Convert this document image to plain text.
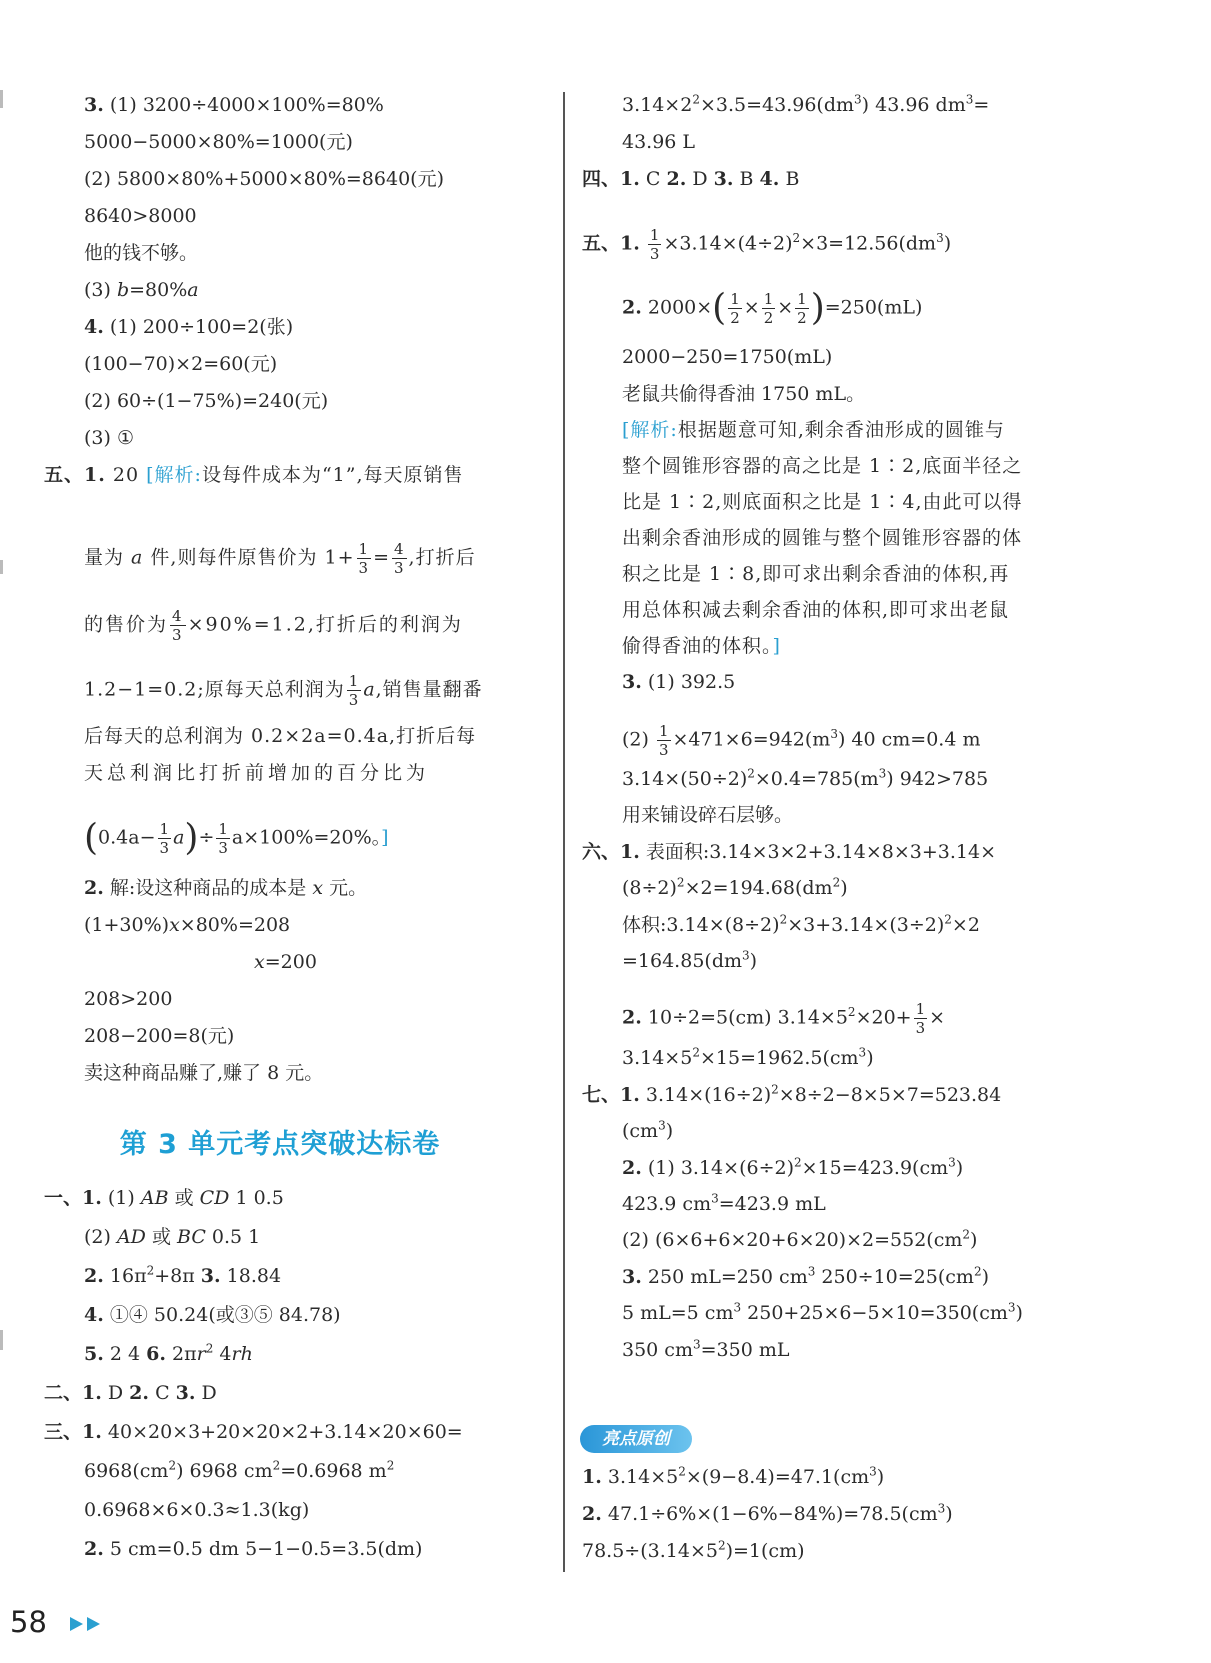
3. (1) 3200÷4000×100%=80%
5000−5000×80%=1000(元)
(2) 5800×80%+5000×80%=8640(元)
8640>8000
他的钱不够。
(3) b=80%a
4. (1) 200÷100=2(张)
(100−70)×2=60(元)
(2) 60÷(1−75%)=240(元)
(3) ①
五、1. 20 [解析:设每件成本为“1”,每天原销售
量为 a 件,则每件原售价为 $1+ \frac{1}{3} = \frac{4}{3}$ ,打折后
的售价为 $\frac{4}{3} \times 90\%=1.2$,打折后的利润为
1.2−1=0.2;原每天总利润为 $\frac{1}{3} a$,销售量翻番
后每天的总利润为 0.2×2a=0.4a,打折后每
天总利润比打折前增加的百分比为
$(0.4a- \frac{1}{3} a)\div \frac{1}{3} a\times 100\%=20\%$。]
2. 解:设这种商品的成本是 x 元。
(1+30%)x×80%=208
x=200
208>200
208−200=8(元)
卖这种商品赚了,赚了 8 元。
第 3 单元考点突破达标卷
一、1. (1) AB 或 CD 1 0.5
(2) AD 或 BC 0.5 1
2. $16\pi^2+8\pi$ 3. 18.84
4. ①④ 50.24(或③⑤ 84.78)
5. 2 4 6. $2\pi r^2$ 4rh
二、1. D 2. C 3. D
三、1. 40×20×3+20×20×2+3.14×20×60=
$6968(cm^2)$ 6968 $cm^2=0.6968$ $m^2$
0.6968×6×0.3≈1.3(kg)
2. 5 cm=0.5 dm 5−1−0.5=3.5(dm)
$3.14\times 2^2\times 3.5=43.96(dm^3)$ 43.96 $dm^3=$
43.96 L
四、1. C 2. D 3. B 4. B
五、1. $\frac{1}{3} \times 3.14\times(4\div 2)^2\times 3=12.56(dm^3)$
2. $2000\times( \frac{1}{2} \times \frac{1}{2} \times \frac{1}{2} )=250(mL)$
2000−250=1750(mL)
老鼠共偷得香油 1750 mL。
[解析:根据题意可知,剩余香油形成的圆锥与
整个圆锥形容器的高之比是 1∶2,底面半径之
比是 1∶2,则底面积之比是 1∶4,由此可以得
出剩余香油形成的圆锥与整个圆锥形容器的体
积之比是 1∶8,即可求出剩余香油的体积,再
用总体积减去剩余香油的体积,即可求出老鼠
偷得香油的体积。]
3. (1) 392.5
$(2) \frac{1}{3} \times 471\times 6=942(m^3)$ 40 cm=0.4 m
$3.14\times(50\div 2)^2\times 0.4=785(m^3)$ 942>785
用来铺设碎石层够。
六、1. 表面积:3.14×3×2+3.14×8×3+3.14×
$(8\div 2)^2\times 2=194.68(dm^2)$
体积$:3.14\times(8\div 2)^2\times 3+3.14\times(3\div 2)^2\times 2$
$=164.85(dm^3)$
2. 10÷2=5(cm) $3.14\times 5^2\times 20+ \frac{1}{3}$ ×
$3.14\times 5^2\times 15=1962.5(cm^3)$
七、1. $3.14\times(16\div 2)^2\times 8\div 2-8\times 5\times 7=523.84$
$(cm^3)$
2. (1) $3.14\times(6\div 2)^2\times 15=423.9(cm^3)$
423.9 $cm^3=423.9$ mL
(2) $(6\times 6+6\times 20+6\times 20)\times 2=552(cm^2)$
3. 250 mL=250 $cm^3$ $250\div 10=25(cm^2)$
5 mL=5 $cm^3$ $250+25\times 6-5\times 10=350(cm^3)$
350 $cm^3=350$ mL
1. $3.14\times 5^2\times(9-8.4)=47.1(cm^3)$
2. $47.1\div 6\%\times(1-6\%-84\%)=78.5(cm^3)$
$78.5\div(3.14\times 5^2)=1(cm)$
亮点原创
58
